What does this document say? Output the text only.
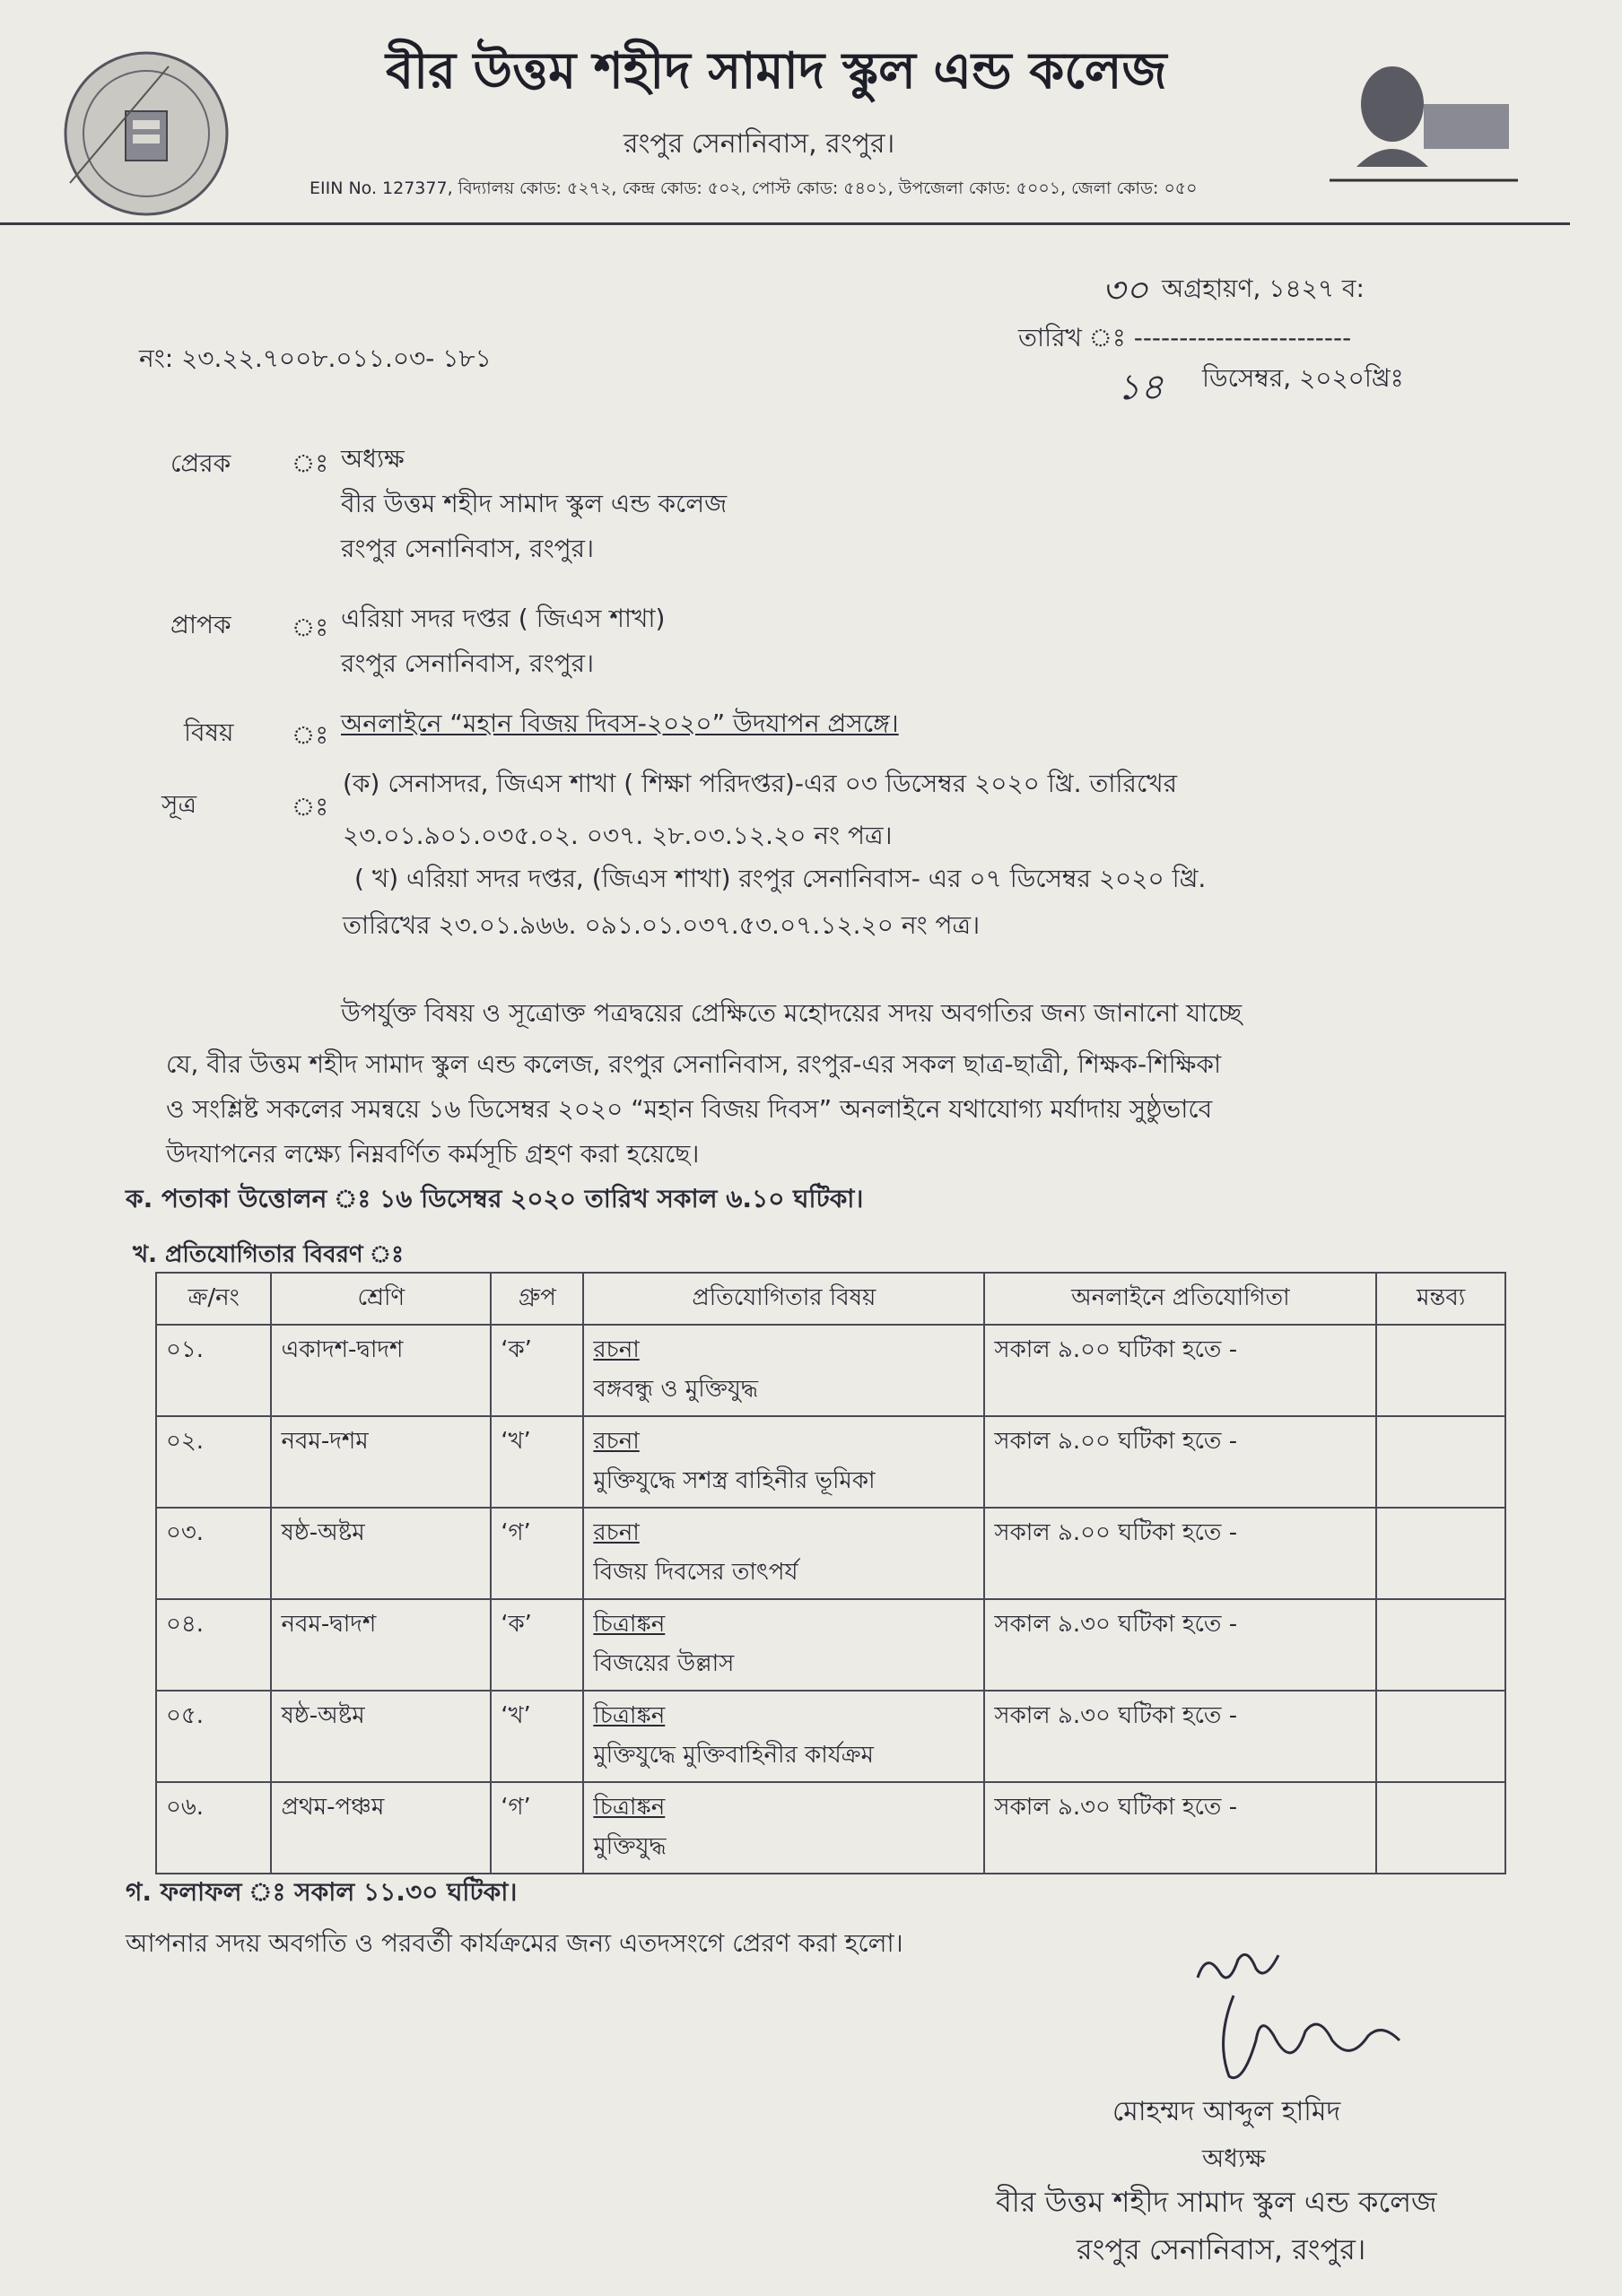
বীর উত্তম শহীদ সামাদ স্কুল এন্ড কলেজ
রংপুর সেনানিবাস, রংপুর।
EIIN No. 127377, বিদ্যালয় কোড: ৫২৭২, কেন্দ্র কোড: ৫০২, পোস্ট কোড: ৫৪০১, উপজেলা কোড: ৫০০১, জেলা কোড: ০৫০
নং: ২৩.২২.৭০০৮.০১১.০৩- ১৮১
৩০ অগ্রহায়ণ, ১৪২৭ ব:
তারিখ ঃ ------------------------
১৪ ডিসেম্বর, ২০২০খ্রিঃ
প্রেরক ঃ অধ্যক্ষ
বীর উত্তম শহীদ সামাদ স্কুল এন্ড কলেজ
রংপুর সেনানিবাস, রংপুর।
প্রাপক ঃ এরিয়া সদর দপ্তর ( জিএস শাখা)
রংপুর সেনানিবাস, রংপুর।
বিষয় ঃ অনলাইনে “মহান বিজয় দিবস-২০২০” উদযাপন প্রসঙ্গে।
সূত্র	ঃ
(ক) সেনাসদর, জিএস শাখা ( শিক্ষা পরিদপ্তর)-এর ০৩ ডিসেম্বর ২০২০ খ্রি. তারিখের
২৩.০১.৯০১.০৩৫.০২. ০৩৭. ২৮.০৩.১২.২০ নং পত্র।
( খ) এরিয়া সদর দপ্তর, (জিএস শাখা) রংপুর সেনানিবাস- এর ০৭ ডিসেম্বর ২০২০ খ্রি.
তারিখের ২৩.০১.৯৬৬. ০৯১.০১.০৩৭.৫৩.০৭.১২.২০ নং পত্র।
উপর্যুক্ত বিষয় ও সূত্রোক্ত পত্রদ্বয়ের প্রেক্ষিতে মহোদয়ের সদয় অবগতির জন্য জানানো যাচ্ছে
যে, বীর উত্তম শহীদ সামাদ স্কুল এন্ড কলেজ, রংপুর সেনানিবাস, রংপুর-এর সকল ছাত্র-ছাত্রী, শিক্ষক-শিক্ষিকা
ও সংশ্লিষ্ট সকলের সমন্বয়ে ১৬ ডিসেম্বর ২০২০ “মহান বিজয় দিবস” অনলাইনে যথাযোগ্য মর্যাদায় সুষ্ঠুভাবে
উদযাপনের লক্ষ্যে নিম্নবর্ণিত কর্মসূচি গ্রহণ করা হয়েছে।
ক. পতাকা উত্তোলন ঃ ১৬ ডিসেম্বর ২০২০ তারিখ সকাল ৬.১০ ঘটিকা।
খ. প্রতিযোগিতার বিবরণ ঃ
ক্র/নং	শ্রেণি	গ্রুপ	প্রতিযোগিতার বিষয়	অনলাইনে প্রতিযোগিতা	মন্তব্য
০১.	একাদশ-দ্বাদশ	‘ক’	রচনা
বঙ্গবন্ধু ও মুক্তিযুদ্ধ	সকাল ৯.০০ ঘটিকা হতে -	
০২.	নবম-দশম	‘খ’	রচনা
মুক্তিযুদ্ধে সশস্ত্র বাহিনীর ভূমিকা	সকাল ৯.০০ ঘটিকা হতে -	
০৩.	ষষ্ঠ-অষ্টম	‘গ’	রচনা
বিজয় দিবসের তাৎপর্য	সকাল ৯.০০ ঘটিকা হতে -	
০৪.	নবম-দ্বাদশ	‘ক’	চিত্রাঙ্কন
বিজয়ের উল্লাস	সকাল ৯.৩০ ঘটিকা হতে -	
০৫.	ষষ্ঠ-অষ্টম	‘খ’	চিত্রাঙ্কন
মুক্তিযুদ্ধে মুক্তিবাহিনীর কার্যক্রম	সকাল ৯.৩০ ঘটিকা হতে -	
০৬.	প্রথম-পঞ্চম	‘গ’	চিত্রাঙ্কন
মুক্তিযুদ্ধ	সকাল ৯.৩০ ঘটিকা হতে -	
গ. ফলাফল ঃ সকাল ১১.৩০ ঘটিকা।
আপনার সদয় অবগতি ও পরবর্তী কার্যক্রমের জন্য এতদসংগে প্রেরণ করা হলো।
মোহম্মদ আব্দুল হামিদ
অধ্যক্ষ
বীর উত্তম শহীদ সামাদ স্কুল এন্ড কলেজ
রংপুর সেনানিবাস, রংপুর।
